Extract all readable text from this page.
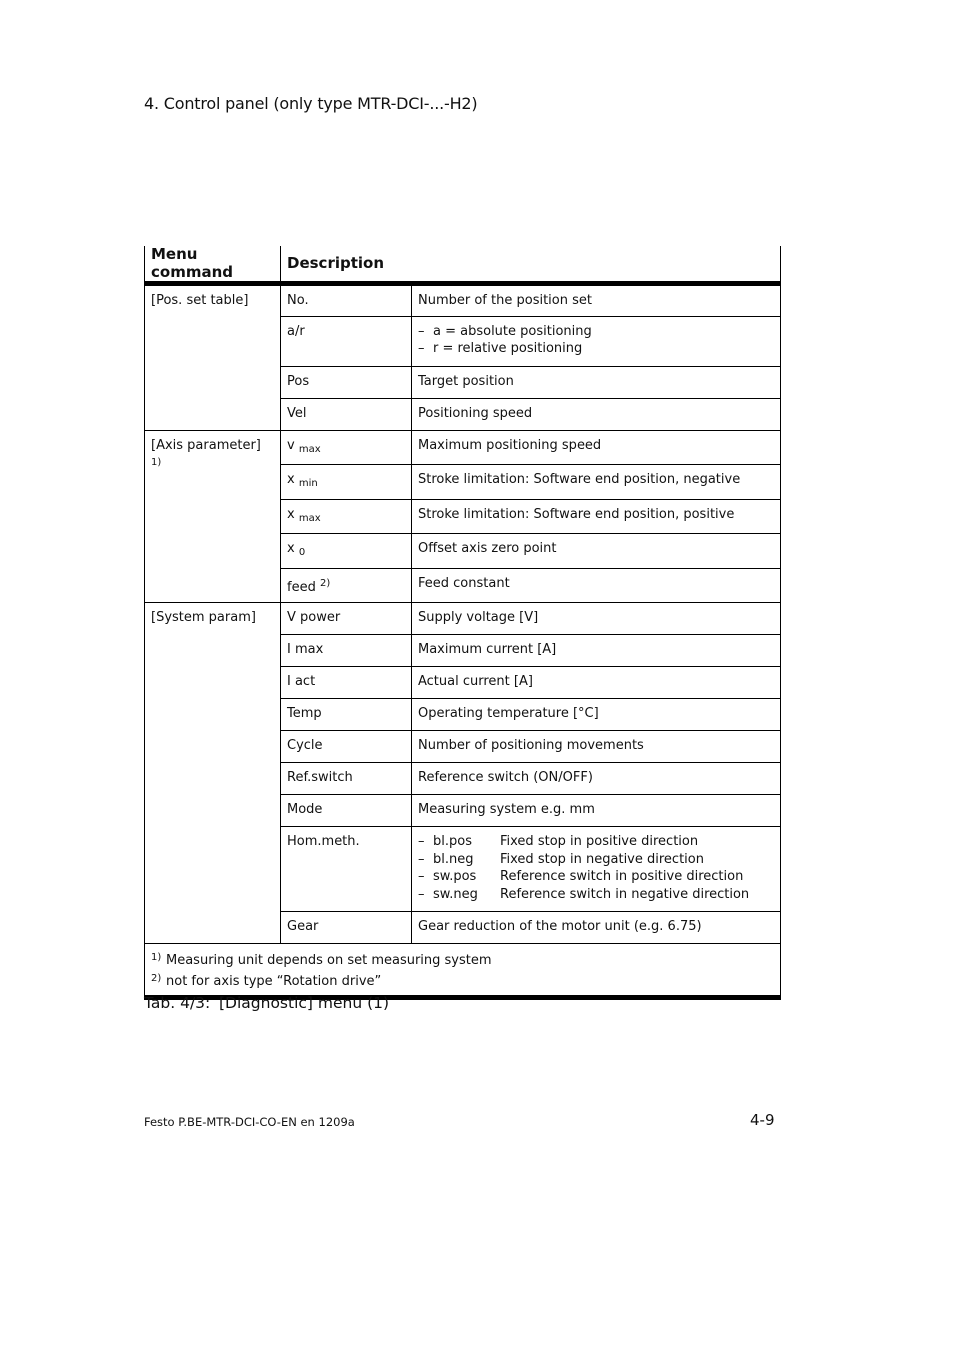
4. Control panel (only type MTR-DCI-...-H2)
Menu command	Description	
[Pos. set table]	No.	Number of the position set
	a/r	– a = absolute positioning
– r = relative positioning

	Pos	Target position
	Vel	Positioning speed
[Axis parameter] $^{1)}$	v $_{max}$	Maximum positioning speed
	x $_{min}$	Stroke limitation: Software end position, negative
	x $_{max}$	Stroke limitation: Software end position, positive
	x $_0$	Offset axis zero point
	feed $^{2)}$	Feed constant
[System param]	V power	Supply voltage [V]
	I max	Maximum current [A]
	I act	Actual current [A]
	Temp	Operating temperature [°C]
	Cycle	Number of positioning movements
	Ref.switch	Reference switch (ON/OFF)
	Mode	Measuring system e.g. mm
	Hom.meth.	– bl.pos Fixed stop in positive direction
– bl.neg Fixed stop in negative direction
– sw.pos Reference switch in positive direction
– sw.neg Reference switch in negative direction

	Gear	Gear reduction of the motor unit (e.g. 6.75)

$^{1)}$ Measuring unit depends on set measuring system
$^{2)}$ not for axis type “Rotation drive”		
Tab. 4/3: [Diagnostic] menu (1)
Festo P.BE-MTR-DCI-CO-EN en 1209a	4-9
